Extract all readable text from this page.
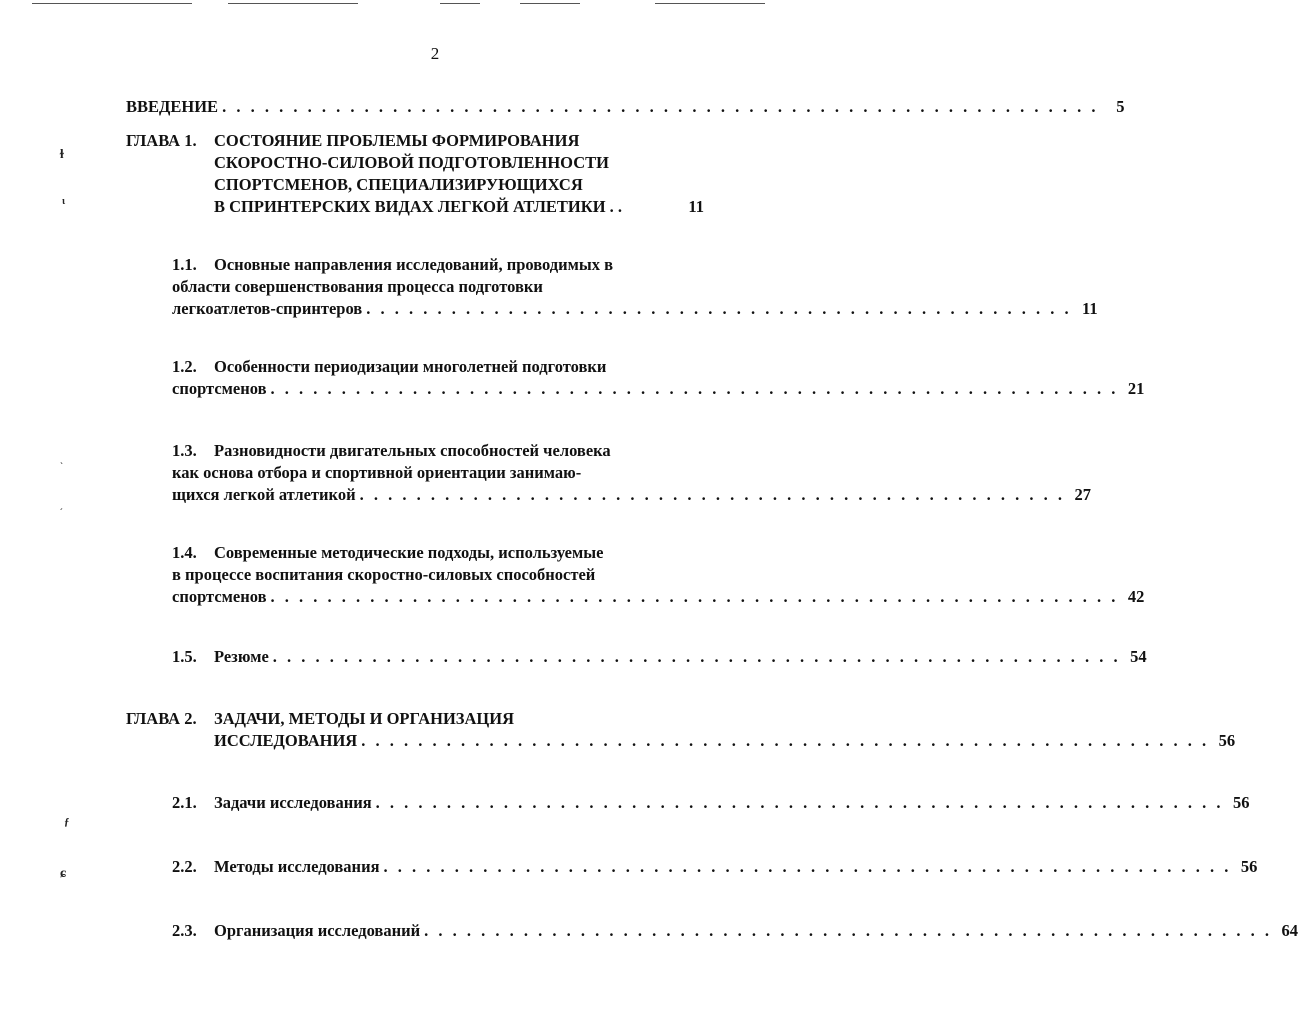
ɫ
ɩ
ˎ
ˏ
ƒ
ɕ
2
ВВЕДЕНИЕ . . . . . . . . . . . . . . . . . . . . . . . . . . . . . . . . . . . . . . . . . . . . . . . . . . . . . . . . . . . . . .	5
ГЛАВА 1. СОСТОЯНИЕ ПРОБЛЕМЫ ФОРМИРОВАНИЯ
СКОРОСТНО-СИЛОВОЙ ПОДГОТОВЛЕННОСТИ
СПОРТСМЕНОВ, СПЕЦИАЛИЗИРУЮЩИХСЯ
В СПРИНТЕРСКИХ ВИДАХ ЛЕГКОЙ АТЛЕТИКИ . .	11
1.1. Основные направления исследований, проводимых в
области совершенствования процесса подготовки
легкоатлетов-спринтеров . . . . . . . . . . . . . . . . . . . . . . . . . . . . . . . . . . . . . . . . . . . . . . . . . . 11
1.2. Особенности периодизации многолетней подготовки
спортсменов . . . . . . . . . . . . . . . . . . . . . . . . . . . . . . . . . . . . . . . . . . . . . . . . . . . . . . . . . . . . 21
1.3. Разновидности двигательных способностей человека
как основа отбора и спортивной ориентации занимаю-
щихся легкой атлетикой . . . . . . . . . . . . . . . . . . . . . . . . . . . . . . . . . . . . . . . . . . . . . . . . . . 27
1.4. Современные методические подходы, используемые
в процессе воспитания скоростно-силовых способностей
спортсменов . . . . . . . . . . . . . . . . . . . . . . . . . . . . . . . . . . . . . . . . . . . . . . . . . . . . . . . . . . . . 42
1.5. Резюме . . . . . . . . . . . . . . . . . . . . . . . . . . . . . . . . . . . . . . . . . . . . . . . . . . . . . . . . . . . . 54
ГЛАВА 2. ЗАДАЧИ, МЕТОДЫ И ОРГАНИЗАЦИЯ
ИССЛЕДОВАНИЯ . . . . . . . . . . . . . . . . . . . . . . . . . . . . . . . . . . . . . . . . . . . . . . . . . . . . . . . . . . . . 56
2.1. Задачи исследования . . . . . . . . . . . . . . . . . . . . . . . . . . . . . . . . . . . . . . . . . . . . . . . . . . . . . . . . . . . . 56
2.2. Методы исследования . . . . . . . . . . . . . . . . . . . . . . . . . . . . . . . . . . . . . . . . . . . . . . . . . . . . . . . . . . . . 56
2.3. Организация исследований . . . . . . . . . . . . . . . . . . . . . . . . . . . . . . . . . . . . . . . . . . . . . . . . . . . . . . . . . . . . 64
